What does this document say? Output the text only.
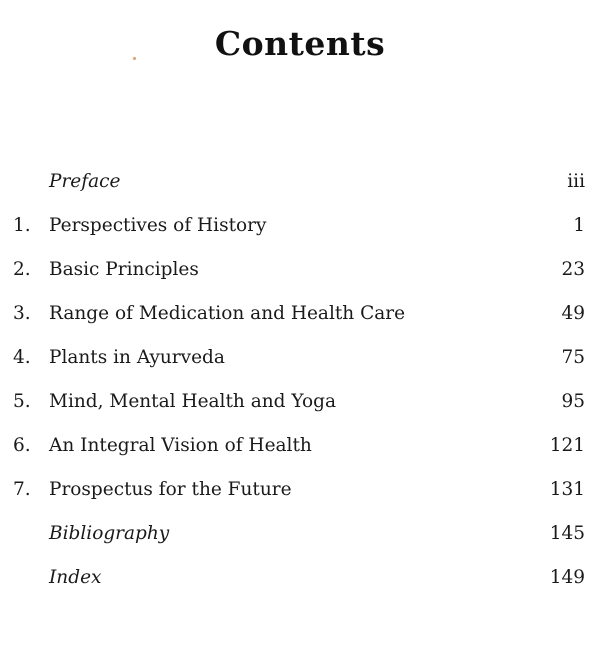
Contents
Preface	iii
1. Perspectives of History	1
2. Basic Principles	23
3. Range of Medication and Health Care	49
4. Plants in Ayurveda	75
5. Mind, Mental Health and Yoga	95
6. An Integral Vision of Health	121
7. Prospectus for the Future	131
Bibliography	145
Index	149
